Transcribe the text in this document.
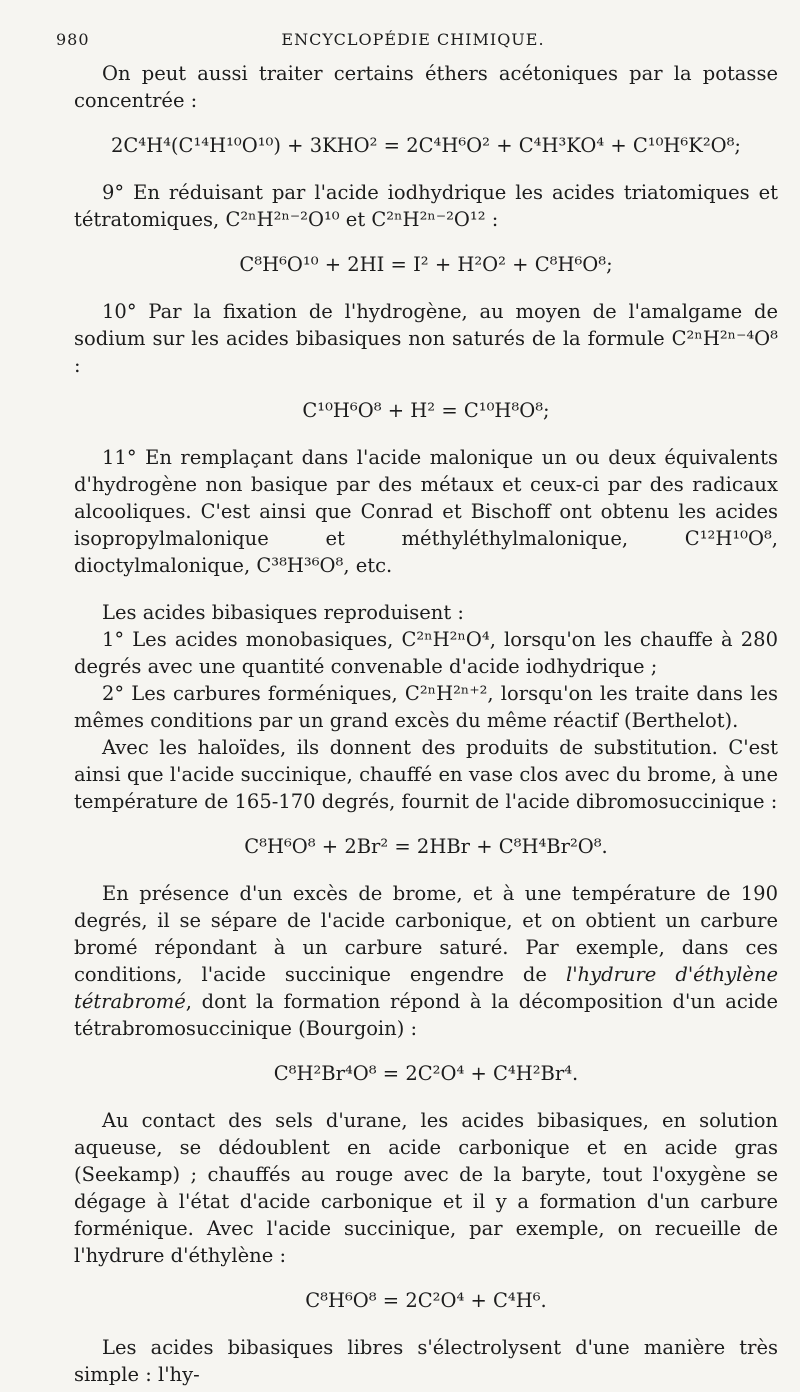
980	ENCYCLOPÉDIE CHIMIQUE.

On peut aussi traiter certains éthers acétoniques par la potasse concentrée :

2C⁴H⁴(C¹⁴H¹⁰O¹⁰) + 3KHO² = 2C⁴H⁶O² + C⁴H³KO⁴ + C¹⁰H⁶K²O⁸;

9° En réduisant par l'acide iodhydrique les acides triatomiques et tétratomiques, C²ⁿH²ⁿ⁻²O¹⁰ et C²ⁿH²ⁿ⁻²O¹² :

C⁸H⁶O¹⁰ + 2HI = I² + H²O² + C⁸H⁶O⁸;

10° Par la fixation de l'hydrogène, au moyen de l'amalgame de sodium sur les acides bibasiques non saturés de la formule C²ⁿH²ⁿ⁻⁴O⁸ :

C¹⁰H⁶O⁸ + H² = C¹⁰H⁸O⁸;

11° En remplaçant dans l'acide malonique un ou deux équivalents d'hydrogène non basique par des métaux et ceux-ci par des radicaux alcooliques. C'est ainsi que Conrad et Bischoff ont obtenu les acides isopropylmalonique et méthyléthylmalonique, C¹²H¹⁰O⁸, dioctylmalonique, C³⁸H³⁶O⁸, etc.

Les acides bibasiques reproduisent :

1° Les acides monobasiques, C²ⁿH²ⁿO⁴, lorsqu'on les chauffe à 280 degrés avec une quantité convenable d'acide iodhydrique ;

2° Les carbures forméniques, C²ⁿH²ⁿ⁺², lorsqu'on les traite dans les mêmes conditions par un grand excès du même réactif (Berthelot).

Avec les haloïdes, ils donnent des produits de substitution. C'est ainsi que l'acide succinique, chauffé en vase clos avec du brome, à une température de 165-170 degrés, fournit de l'acide dibromosuccinique :

C⁸H⁶O⁸ + 2Br² = 2HBr + C⁸H⁴Br²O⁸.

En présence d'un excès de brome, et à une température de 190 degrés, il se sépare de l'acide carbonique, et on obtient un carbure bromé répondant à un carbure saturé. Par exemple, dans ces conditions, l'acide succinique engendre de l'hydrure d'éthylène tétrabromé, dont la formation répond à la décomposition d'un acide tétrabromosuccinique (Bourgoin) :

C⁸H²Br⁴O⁸ = 2C²O⁴ + C⁴H²Br⁴.

Au contact des sels d'urane, les acides bibasiques, en solution aqueuse, se dédoublent en acide carbonique et en acide gras (Seekamp) ; chauffés au rouge avec de la baryte, tout l'oxygène se dégage à l'état d'acide carbonique et il y a formation d'un carbure forménique. Avec l'acide succinique, par exemple, on recueille de l'hydrure d'éthylène :

C⁸H⁶O⁸ = 2C²O⁴ + C⁴H⁶.

Les acides bibasiques libres s'électrolysent d'une manière très simple : l'hy-
